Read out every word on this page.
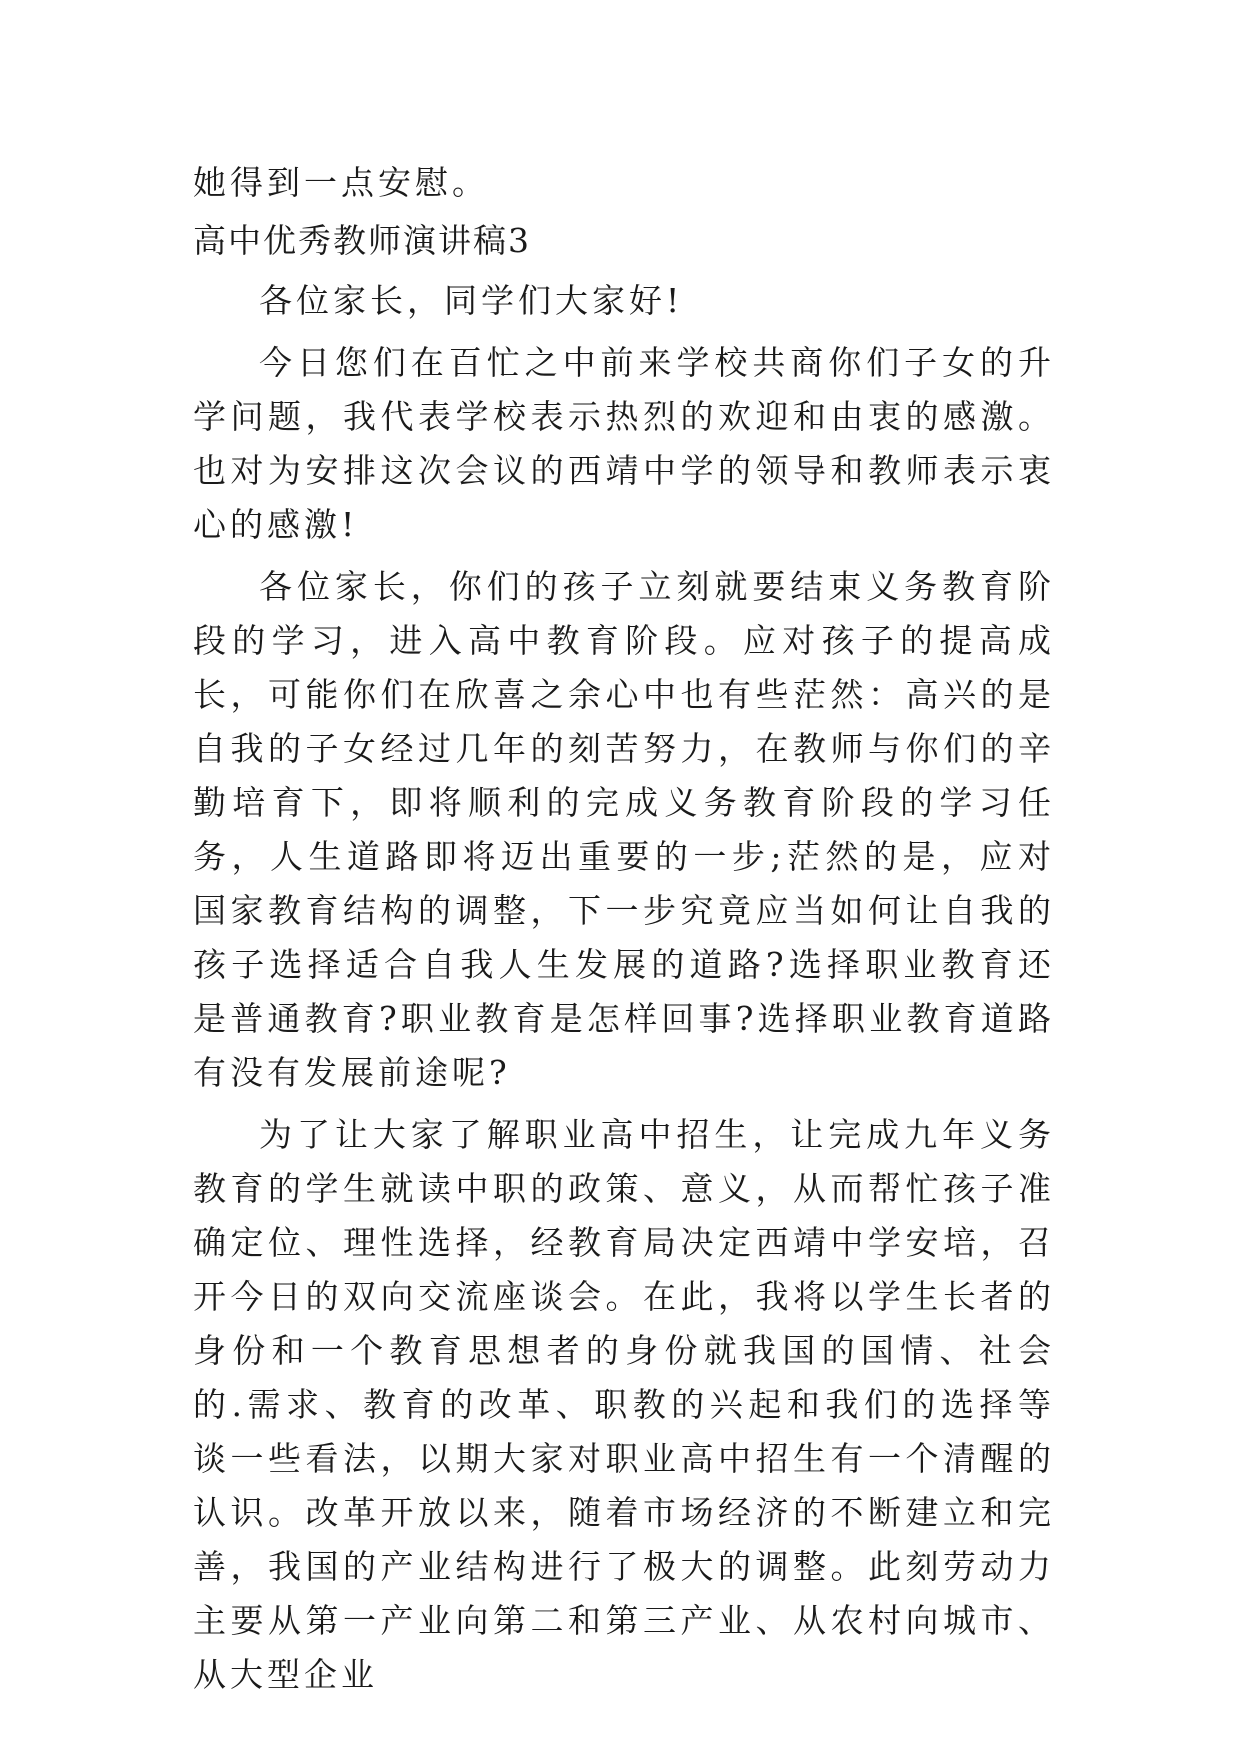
她得到一点安慰。

高中优秀教师演讲稿3

各位家长，同学们大家好!

今日您们在百忙之中前来学校共商你们子女的升学问题，我代表学校表示热烈的欢迎和由衷的感激。也对为安排这次会议的西靖中学的领导和教师表示衷心的感激!

各位家长，你们的孩子立刻就要结束义务教育阶段的学习，进入高中教育阶段。应对孩子的提高成长，可能你们在欣喜之余心中也有些茫然：高兴的是自我的子女经过几年的刻苦努力，在教师与你们的辛勤培育下，即将顺利的完成义务教育阶段的学习任务，人生道路即将迈出重要的一步;茫然的是，应对国家教育结构的调整，下一步究竟应当如何让自我的孩子选择适合自我人生发展的道路?选择职业教育还是普通教育?职业教育是怎样回事?选择职业教育道路有没有发展前途呢?

为了让大家了解职业高中招生，让完成九年义务教育的学生就读中职的政策、意义，从而帮忙孩子准确定位、理性选择，经教育局决定西靖中学安培，召开今日的双向交流座谈会。在此，我将以学生长者的身份和一个教育思想者的身份就我国的国情、社会的.需求、教育的改革、职教的兴起和我们的选择等谈一些看法，以期大家对职业高中招生有一个清醒的认识。改革开放以来，随着市场经济的不断建立和完善，我国的产业结构进行了极大的调整。此刻劳动力主要从第一产业向第二和第三产业、从农村向城市、从大型企业
